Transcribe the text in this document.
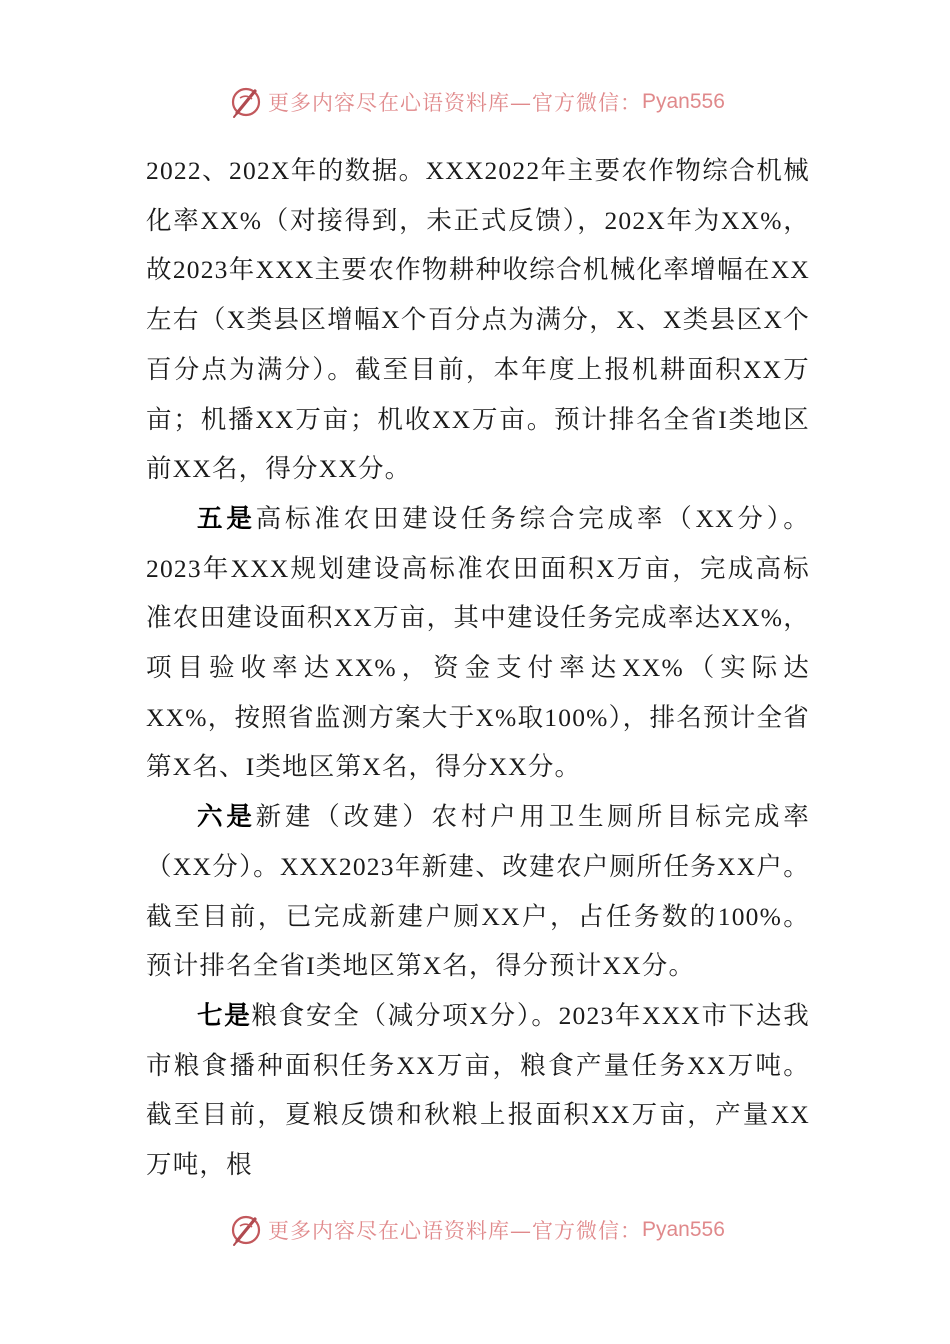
更多内容尽在心语资料库—官方微信： Pyan556

2022、202X年的数据。XXX2022年主要农作物综合机械化率XX%（对接得到，未正式反馈），202X年为XX%，故2023年XXX主要农作物耕种收综合机械化率增幅在XX左右（X类县区增幅X个百分点为满分，X、X类县区X个百分点为满分）。截至目前，本年度上报机耕面积XX万亩；机播XX万亩；机收XX万亩。预计排名全省I类地区前XX名，得分XX分。

五是高标准农田建设任务综合完成率（XX分）。2023年XXX规划建设高标准农田面积X万亩，完成高标准农田建设面积XX万亩，其中建设任务完成率达XX%，项目验收率达XX%，资金支付率达XX%（实际达XX%，按照省监测方案大于X%取100%），排名预计全省第X名、I类地区第X名，得分XX分。

六是新建（改建）农村户用卫生厕所目标完成率（XX分）。XXX2023年新建、改建农户厕所任务XX户。截至目前，已完成新建户厕XX户，占任务数的100%。预计排名全省I类地区第X名，得分预计XX分。

七是粮食安全（减分项X分）。2023年XXX市下达我市粮食播种面积任务XX万亩，粮食产量任务XX万吨。截至目前，夏粮反馈和秋粮上报面积XX万亩，产量XX万吨，根

更多内容尽在心语资料库—官方微信： Pyan556
